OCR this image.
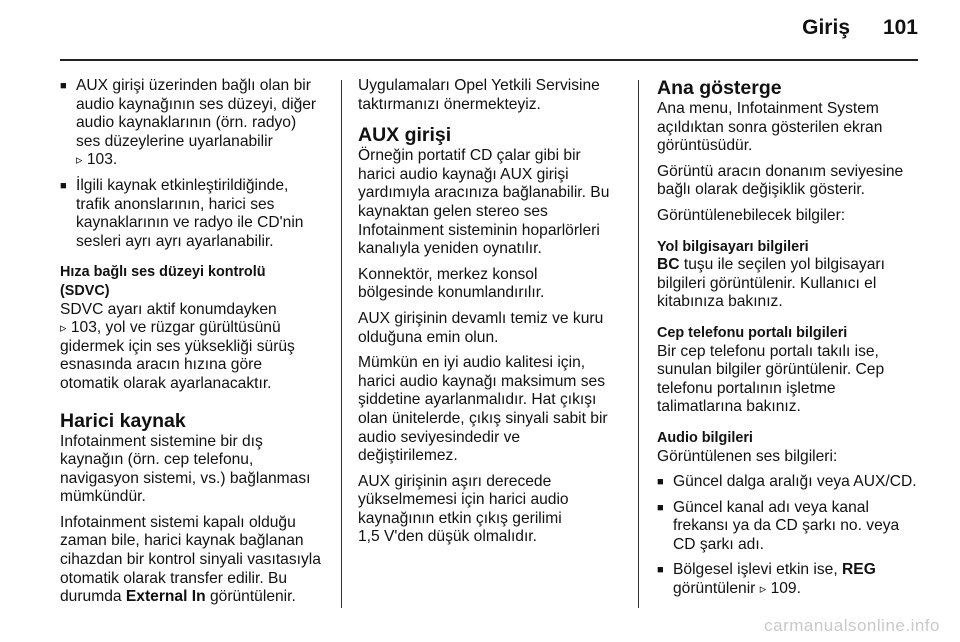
Giriş 101
■ AUX girişi üzerinden bağlı olan bir
audio kaynağının ses düzeyi, diğer
audio kaynaklarının (örn. radyo)
ses düzeylerine uyarlanabilir
▹ 103.
■ İlgili kaynak etkinleştirildiğinde,
trafik anonslarının, harici ses
kaynaklarının ve radyo ile CD'nin
sesleri ayrı ayrı ayarlanabilir.

Hıza bağlı ses düzeyi kontrolü
(SDVC)

SDVC ayarı aktif konumdayken
▹ 103, yol ve rüzgar gürültüsünü
gidermek için ses yüksekliği sürüş
esnasında aracın hızına göre
otomatik olarak ayarlanacaktır.

Harici kaynak

Infotainment sistemine bir dış
kaynağın (örn. cep telefonu,
navigasyon sistemi, vs.) bağlanması
mümkündür.

Infotainment sistemi kapalı olduğu
zaman bile, harici kaynak bağlanan
cihazdan bir kontrol sinyali vasıtasıyla
otomatik olarak transfer edilir. Bu
durumda External In görüntülenir.

Uygulamaları Opel Yetkili Servisine
taktırmanızı önermekteyiz.

AUX girişi

Örneğin portatif CD çalar gibi bir
harici audio kaynağı AUX girişi
yardımıyla aracınıza bağlanabilir. Bu
kaynaktan gelen stereo ses
Infotainment sisteminin hoparlörleri
kanalıyla yeniden oynatılır.

Konnektör, merkez konsol
bölgesinde konumlandırılır.

AUX girişinin devamlı temiz ve kuru
olduğuna emin olun.

Mümkün en iyi audio kalitesi için,
harici audio kaynağı maksimum ses
şiddetine ayarlanmalıdır. Hat çıkışı
olan ünitelerde, çıkış sinyali sabit bir
audio seviyesindedir ve
değiştirilemez.

AUX girişinin aşırı derecede
yükselmemesi için harici audio
kaynağının etkin çıkış gerilimi
1,5 V'den düşük olmalıdır.

Ana gösterge

Ana menu, Infotainment System
açıldıktan sonra gösterilen ekran
görüntüsüdür.

Görüntü aracın donanım seviyesine
bağlı olarak değişiklik gösterir.

Görüntülenebilecek bilgiler:

Yol bilgisayarı bilgileri

BC tuşu ile seçilen yol bilgisayarı
bilgileri görüntülenir. Kullanıcı el
kitabınıza bakınız.

Cep telefonu portalı bilgileri

Bir cep telefonu portalı takılı ise,
sunulan bilgiler görüntülenir. Cep
telefonu portalının işletme
talimatlarına bakınız.

Audio bilgileri

Görüntülenen ses bilgileri:

■ Güncel dalga aralığı veya AUX/CD.
■ Güncel kanal adı veya kanal
frekansı ya da CD şarkı no. veya
CD şarkı adı.
■ Bölgesel işlevi etkin ise, REG
görüntülenir ▹ 109.
carmanualsonline.info
